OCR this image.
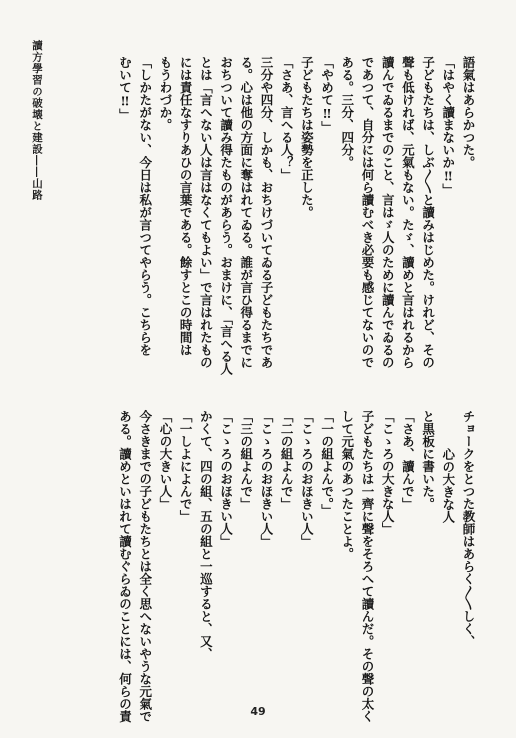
讀方學習の破壊と建設――山路	語氣はあらかつた。
「はやく讀まないか‼」
子どもたちは、しぶ〳〵と讀みはじめた。けれど、その
聲も低ければ、元氣もない。たゞ、讀めと言はれるから
讀んでゐるまでのこと、言はゞ人のために讀んでゐるの
であつて、自分には何ら讀むべき必要も感じてないので
ある。三分、四分。
「やめて‼」
子どもたちは姿勢を正した。
「さあ、言へる人？」
三分や四分、しかも、おちけづいてゐる子どもたちであ
る。心は他の方面に奪はれてゐる。誰が言ひ得るまでに
おちついて讀み得たものがあらう。おまけに、「言へる人
とは「言へない人は言はなくてもよい」で言はれたもの
には責任なすりあひの言葉である。餘すとこの時間は
もうわづか。
「しかたがない、今日は私が言つてやらう。こちらを
むいて‼」
チョークをとつた教師はあらく〳〵しく、
心の大きな人
と黒板に書いた。
「さあ、讀んで」
「こゝろの大きな人」
子どもたちは一齊に聲をそろへて讀んだ。その聲の太く
して元氣のあつたことよ。
「一の組よんで。」
「こゝろのおほきい人」
「二の組よんで」
「こゝろのおほきい人」
「三の組よんで」
「こゝろのおほきい人」
かくて、四の組、五の組と一巡すると、又、
「一しよによんで」
「心の大きい人」
今さきまでの子どもたちとは全く思へないやうな元氣で
ある。讀めといはれて讀むぐらゐのことには、何らの責	49
